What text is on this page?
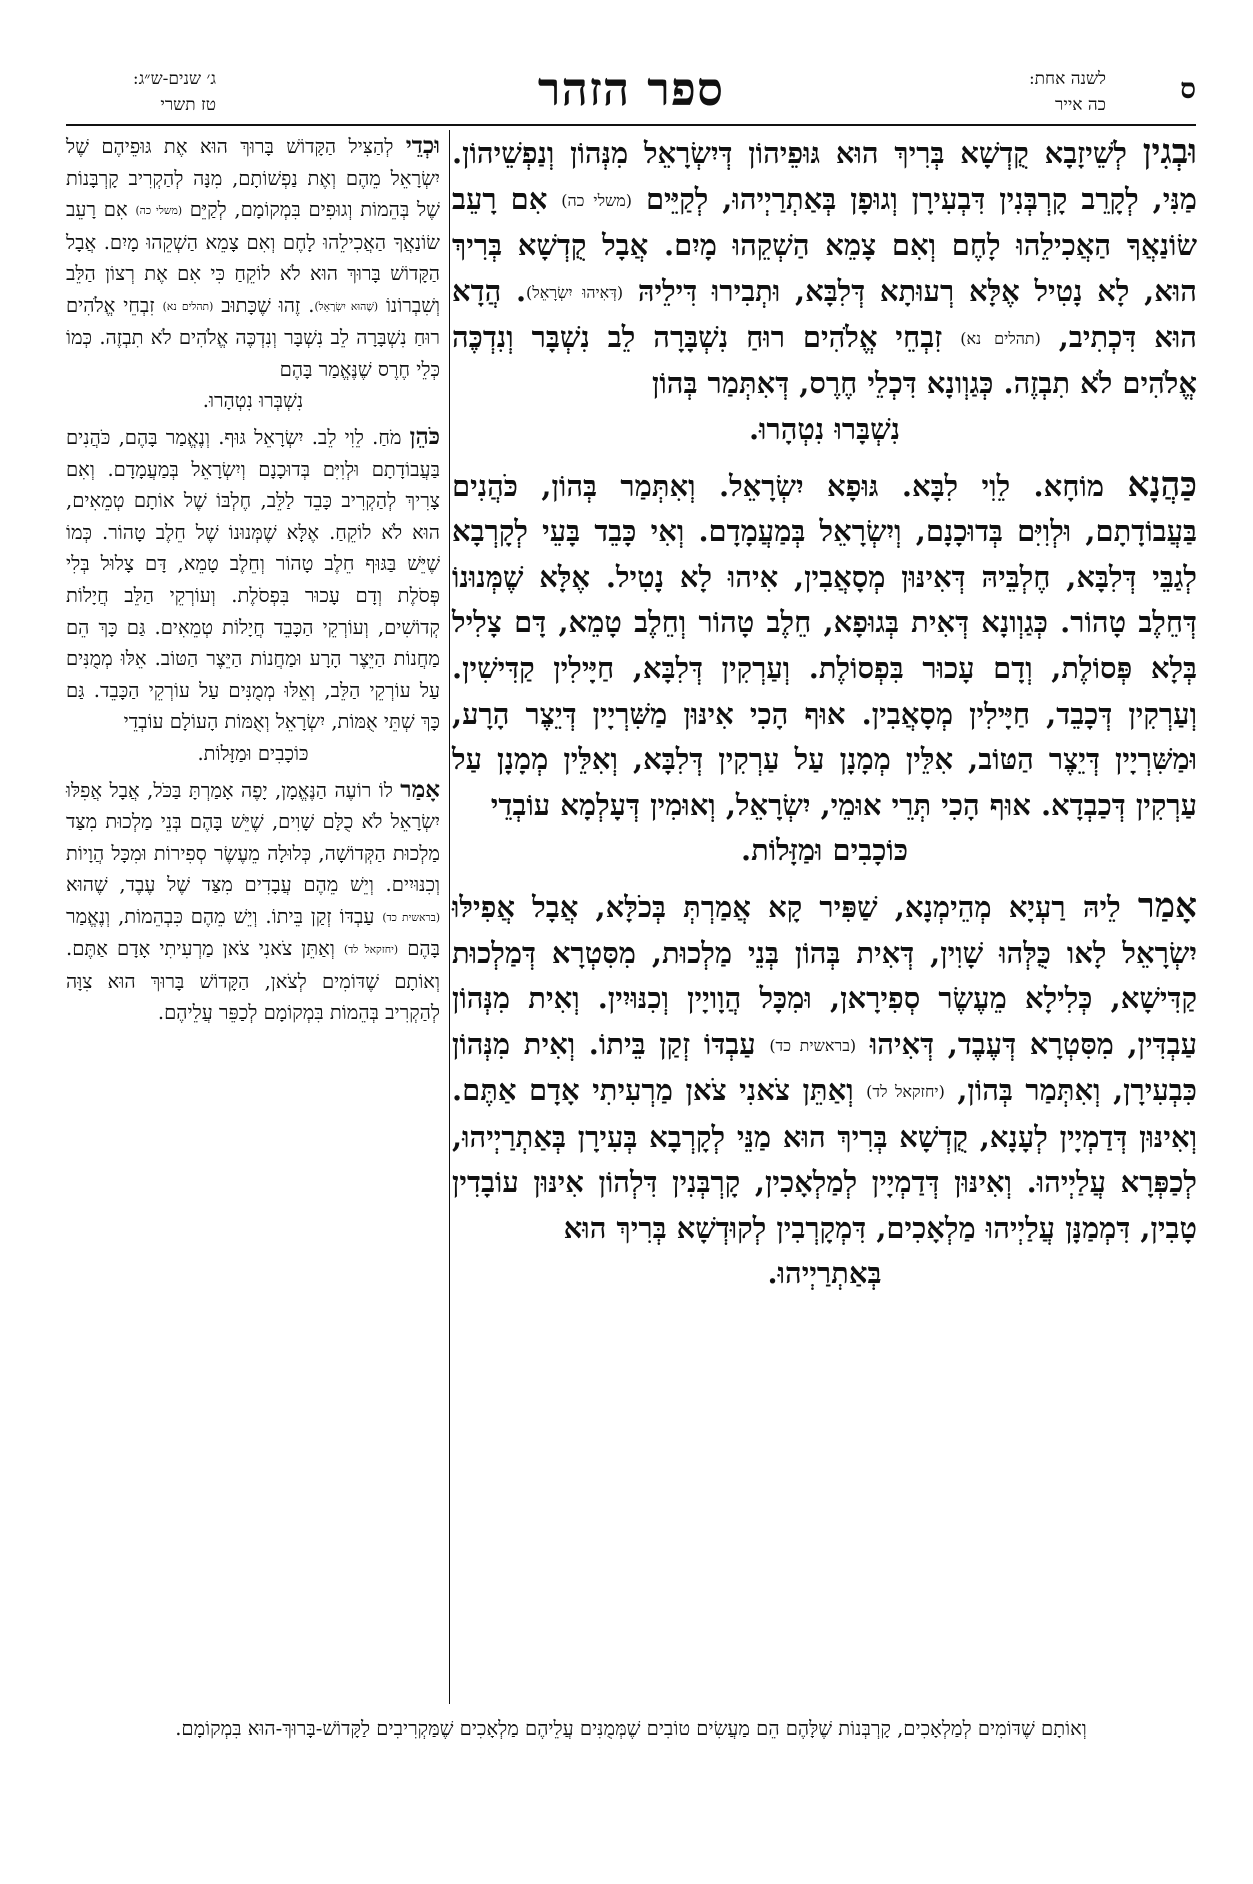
ס
לשנה אחת:
כה אייר
ספר הזהר
ג׳ שנים-ש״ג:
טז תשרי

וּבְגִין לְשֵׁיזָבָא קֻדְשָׁא בְּרִיךְ הוּא גּוּפֵיהוֹן דְּיִשְׂרָאֵל מִנְּהוֹן וְנַפְשֵׁיהוֹן. מַנִּי, לְקָרֵב קָרְבְּנִין דִּבְעִירָן וְגוּפָן בְּאַתְרַיְיהוּ, לְקַיֵּים (משלי כה) אִם רָעֵב שׂוֹנַאֲךָ הַאֲכִילֵהוּ לָחֶם וְאִם צָמֵא הַשְׁקֵהוּ מָיִם. אֲבָל קֻדְשָׁא בְּרִיךְ הוּא, לָא נָטִיל אֶלָּא רְעוּתָא דְּלִבָּא, וּתְבִירוּ דִּילֵיהּ (דְּאִיהוּ יִשְׂרָאֵל). הֲדָא הוּא דִּכְתִיב, (תהלים נא) זִבְחֵי אֱלֹהִים רוּחַ נִשְׁבָּרָה לֵב נִשְׁבָּר וְנִדְכֶּה אֱלֹהִים לֹא תִבְזֶה. כְּגַוְונָא דִּכְלֵי חֶרֶס, דְּאִתְּמַר בְּהוֹן
נִשְׁבָּרוּ נִטְהָרוּ.

כַּהֲנָא מוֹחָא. לֵוִי לִבָּא. גּוּפָא יִשְׂרָאֵל. וְאִתְּמַר בְּהוֹן, כֹּהֲנִים בַּעֲבוֹדָתָם, וּלְוִיִּם בְּדוּכָנָם, וְיִשְׂרָאֵל בְּמַעֲמָדָם. וְאִי כָּבֵד בָּעֵי לְקָרְבָא לְגַבֵּי דְּלִבָּא, חֶלְבֵּיהּ דְּאִינּוּן מְסָאֲבִין, אִיהוּ לָא נָטִיל. אֶלָּא שֶׁמְּנוּנוֹ דְּחֵלֶב טָהוֹר. כְּגַוְונָא דְּאִית בְּגוּפָא, חֵלֶב טָהוֹר וְחֵלֶב טָמֵא, דָּם צָלִיל בְּלָא פְּסוֹלֶת, וְדָם עָכוּר בִּפְסוֹלֶת. וְעַרְקִין דְּלִבָּא, חַיָּילִין קַדִּישִׁין. וְעַרְקִין דְּכָבֵד, חַיָּילִין מְסָאֲבִין. אוּף הָכִי אִינּוּן מַשִּׁרְיָין דְּיֵצֶר הָרָע, וּמַשִּׁרְיָין דְּיֵצֶר הַטּוֹב, אִלֵּין מְמָנָן עַל עַרְקִין דְּלִבָּא, וְאִלֵּין מְמָנָן עַל עַרְקִין דְּכַבְדָא. אוּף הָכִי תְּרֵי אוּמֵי, יִשְׂרָאֵל, וְאוּמִין דְּעָלְמָא עוֹבְדֵי
כּוֹכָבִים וּמַזָּלוֹת.

אָמַר לֵיהּ רַעְיָא מְהֵימְנָא, שַׁפִּיר קָא אֲמַרְתְּ בְּכֹלָּא, אֲבָל אֲפִילּוּ יִשְׂרָאֵל לָאו כֻּלְּהוּ שָׁוִין, דְּאִית בְּהוֹן בְּנֵי מַלְכוּת, מִסִּטְרָא דְּמַלְכוּת קַדִּישָׁא, כְּלִילָא מֵעֶשֶׂר סְפִירָאן, וּמִכָּל הֲוָויָין וְכִנּוּיִין. וְאִית מִנְּהוֹן עַבְדִּין, מִסִּטְרָא דְּעֶבֶד, דְּאִיהוּ (בראשית כד) עַבְדּוֹ זְקַן בֵּיתוֹ. וְאִית מִנְּהוֹן כִּבְעִירָן, וְאִתְּמַר בְּהוֹן, (יחזקאל לד) וְאַתֵּן צֹאנִי צֹאן מַרְעִיתִי אָדָם אַתֶּם. וְאִינּוּן דְּדַמְיָין לְעָנָא, קֻדְשָׁא בְּרִיךְ הוּא מַנֵּי לְקָרְבָא בְּעִירָן בְּאַתְרַיְיהוּ, לְכַפְּרָא עֲלַיְיהוּ. וְאִינּוּן דְּדַמְיָין לְמַלְאָכִין, קָרְבְּנִין דִּלְהוֹן אִינּוּן עוֹבָדִין טָבִין, דִּמְמַנָּן עֲלַיְיהוּ מַלְאָכִים, דִּמְקָרְבִין לְקוּדְשָׁא בְּרִיךְ הוּא
בְּאַתְרַיְיהוּ.

וּכְדֵי לְהַצִּיל הַקָּדוֹשׁ בָּרוּךְ הוּא אֶת גּוּפֵיהֶם שֶׁל יִשְׂרָאֵל מֵהֶם וְאֶת נַפְשׁוֹתָם, מִנָּה לְהַקְרִיב קָרְבָּנוֹת שֶׁל בְּהֵמוֹת וְגוּפִים בִּמְקוֹמָם, לְקַיֵּם (משלי כה) אִם רָעֵב שׂוֹנַאֲךָ הַאֲכִילֵהוּ לָחֶם וְאִם צָמֵא הַשְׁקֵהוּ מָיִם. אֲבָל הַקָּדוֹשׁ בָּרוּךְ הוּא לֹא לוֹקֵחַ כִּי אִם אֶת רְצוֹן הַלֵּב וְשִׁבְרוֹנוֹ (שֶׁהוּא יִשְׂרָאֵל). זֶהוּ שֶׁכָּתוּב (תהלים נא) זִבְחֵי אֱלֹהִים רוּחַ נִשְׁבָּרָה לֵב נִשְׁבָּר וְנִדְכֶּה אֱלֹהִים לֹא תִבְזֶה. כְּמוֹ כְּלֵי חֶרֶס שֶׁנֶּאֱמַר בָּהֶם
נִשְׁבְּרוּ נִטְהָרוּ.

כֹּהֵן מֹחַ. לֵוִי לֵב. יִשְׂרָאֵל גּוּף. וְנֶאֱמַר בָּהֶם, כֹּהֲנִים בַּעֲבוֹדָתָם וּלְוִיִּם בְּדוּכָנָם וְיִשְׂרָאֵל בְּמַעֲמָדָם. וְאִם צָרִיךְ לְהַקְרִיב כָּבֵד לַלֵּב, חֶלְבּוֹ שֶׁל אוֹתָם טְמֵאִים, הוּא לֹא לוֹקֵחַ. אֶלָּא שֶׁמְּנוּנוֹ שֶׁל חֵלֶב טָהוֹר. כְּמוֹ שֶׁיֵּשׁ בַּגּוּף חֵלֶב טָהוֹר וְחֵלֶב טָמֵא, דָּם צָלוּל בְּלִי פְּסֹלֶת וְדָם עָכוּר בִּפְסֹלֶת. וְעוֹרְקֵי הַלֵּב חֲיָלוֹת קְדוֹשִׁים, וְעוֹרְקֵי הַכָּבֵד חֲיָלוֹת טְמֵאִים. גַּם כָּךְ הֵם מַחֲנוֹת הַיֵּצֶר הָרָע וּמַחֲנוֹת הַיֵּצֶר הַטּוֹב. אֵלּוּ מְמֻנִּים עַל עוֹרְקֵי הַלֵּב, וְאֵלּוּ מְמֻנִּים עַל עוֹרְקֵי הַכָּבֵד. גַּם כָּךְ שְׁתֵּי אֻמּוֹת, יִשְׂרָאֵל וְאֻמּוֹת הָעוֹלָם עוֹבְדֵי
כּוֹכָבִים וּמַזָּלוֹת.

אָמַר לוֹ רוֹעֶה הַנֶּאֱמָן, יָפֶה אָמַרְתָּ בַּכֹּל, אֲבָל אֲפִלּוּ יִשְׂרָאֵל לֹא כֻלָּם שָׁוִים, שֶׁיֵּשׁ בָּהֶם בְּנֵי מַלְכוּת מִצַּד מַלְכוּת הַקְּדוֹשָׁה, כְּלוּלָה מֵעֶשֶׂר סְפִירוֹת וּמִכָּל הֲוָיוֹת וְכִנּוּיִים. וְיֵשׁ מֵהֶם עֲבָדִים מִצַּד שֶׁל עֶבֶד, שֶׁהוּא (בראשית כד) עַבְדּוֹ זְקַן בֵּיתוֹ. וְיֵשׁ מֵהֶם כִּבְהֵמוֹת, וְנֶאֱמַר בָּהֶם (יחזקאל לד) וְאַתֵּן צֹאנִי צֹאן מַרְעִיתִי אָדָם אַתֶּם. וְאוֹתָם שֶׁדּוֹמִים לְצֹאן, הַקָּדוֹשׁ בָּרוּךְ הוּא צִוָּה לְהַקְרִיב בְּהֵמוֹת בִּמְקוֹמָם לְכַפֵּר עֲלֵיהֶם.

וְאוֹתָם שֶׁדּוֹמִים לְמַלְאָכִים, קָרְבְּנוֹת שֶׁלָּהֶם הֵם מַעֲשִׂים טוֹבִים שֶׁמְּמֻנִּים עֲלֵיהֶם מַלְאָכִים שֶׁמַּקְרִיבִים לַקָּדוֹשׁ-בָּרוּךְ-הוּא בִּמְקוֹמָם.
